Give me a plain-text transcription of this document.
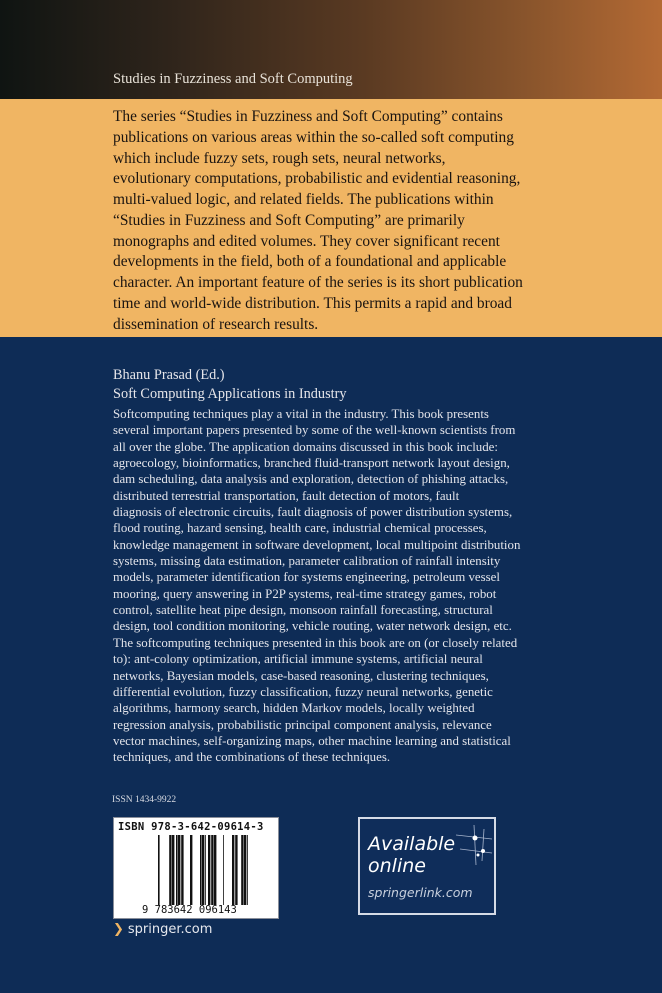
Studies in Fuzziness and Soft Computing
The series “Studies in Fuzziness and Soft Computing” contains
publications on various areas within the so-called soft computing
which include fuzzy sets, rough sets, neural networks,
evolutionary computations, probabilistic and evidential reasoning,
multi-valued logic, and related fields. The publications within
“Studies in Fuzziness and Soft Computing” are primarily
monographs and edited volumes. They cover significant recent
developments in the field, both of a foundational and applicable
character. An important feature of the series is its short publication
time and world-wide distribution. This permits a rapid and broad
dissemination of research results.
Bhanu Prasad (Ed.)
Soft Computing Applications in Industry
Softcomputing techniques play a vital in the industry. This book presents
several important papers presented by some of the well-known scientists from
all over the globe. The application domains discussed in this book include:
agroecology, bioinformatics, branched fluid-transport network layout design,
dam scheduling, data analysis and exploration, detection of phishing attacks,
distributed terrestrial transportation, fault detection of motors, fault
diagnosis of electronic circuits, fault diagnosis of power distribution systems,
flood routing, hazard sensing, health care, industrial chemical processes,
knowledge management in software development, local multipoint distribution
systems, missing data estimation, parameter calibration of rainfall intensity
models, parameter identification for systems engineering, petroleum vessel
mooring, query answering in P2P systems, real-time strategy games, robot
control, satellite heat pipe design, monsoon rainfall forecasting, structural
design, tool condition monitoring, vehicle routing, water network design, etc.
The softcomputing techniques presented in this book are on (or closely related
to): ant-colony optimization, artificial immune systems, artificial neural
networks, Bayesian models, case-based reasoning, clustering techniques,
differential evolution, fuzzy classification, fuzzy neural networks, genetic
algorithms, harmony search, hidden Markov models, locally weighted
regression analysis, probabilistic principal component analysis, relevance
vector machines, self-organizing maps, other machine learning and statistical
techniques, and the combinations of these techniques.
ISSN 1434-9922
ISBN 978-3-642-09614-3
9 783642 096143
❯ springer.com
Available
online
springerlink.com
